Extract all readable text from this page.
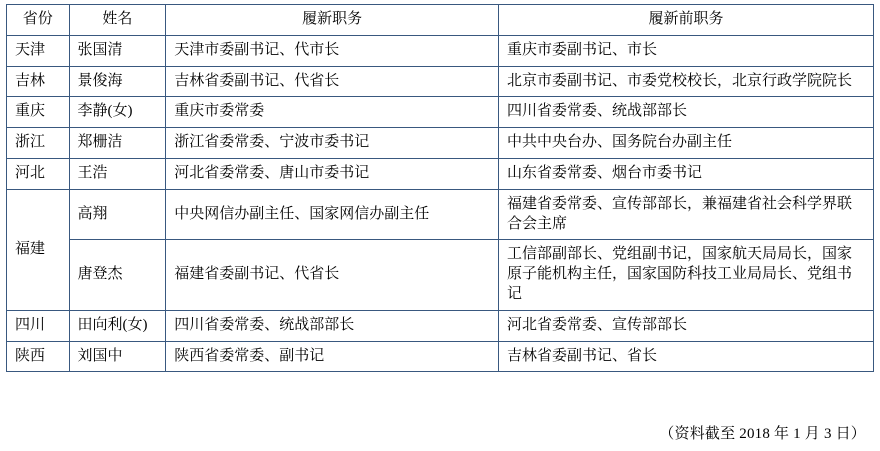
省份	姓名	履新职务	履新前职务
天津	张国清	天津市委副书记、代市长	重庆市委副书记、市长
吉林	景俊海	吉林省委副书记、代省长	北京市委副书记、市委党校校长，北京行政学院院长
重庆	李静(女)	重庆市委常委	四川省委常委、统战部部长
浙江	郑栅洁	浙江省委常委、宁波市委书记	中共中央台办、国务院台办副主任
河北	王浩	河北省委常委、唐山市委书记	山东省委常委、烟台市委书记
福建	高翔	中央网信办副主任、国家网信办副主任	福建省委常委、宣传部部长，兼福建省社会科学界联合会主席
	唐登杰	福建省委副书记、代省长	工信部副部长、党组副书记，国家航天局局长，国家原子能机构主任，国家国防科技工业局局长、党组书记
四川	田向利(女)	四川省委常委、统战部部长	河北省委常委、宣传部部长
陕西	刘国中	陕西省委常委、副书记	吉林省委副书记、省长
（资料截至 2018 年 1 月 3 日）
